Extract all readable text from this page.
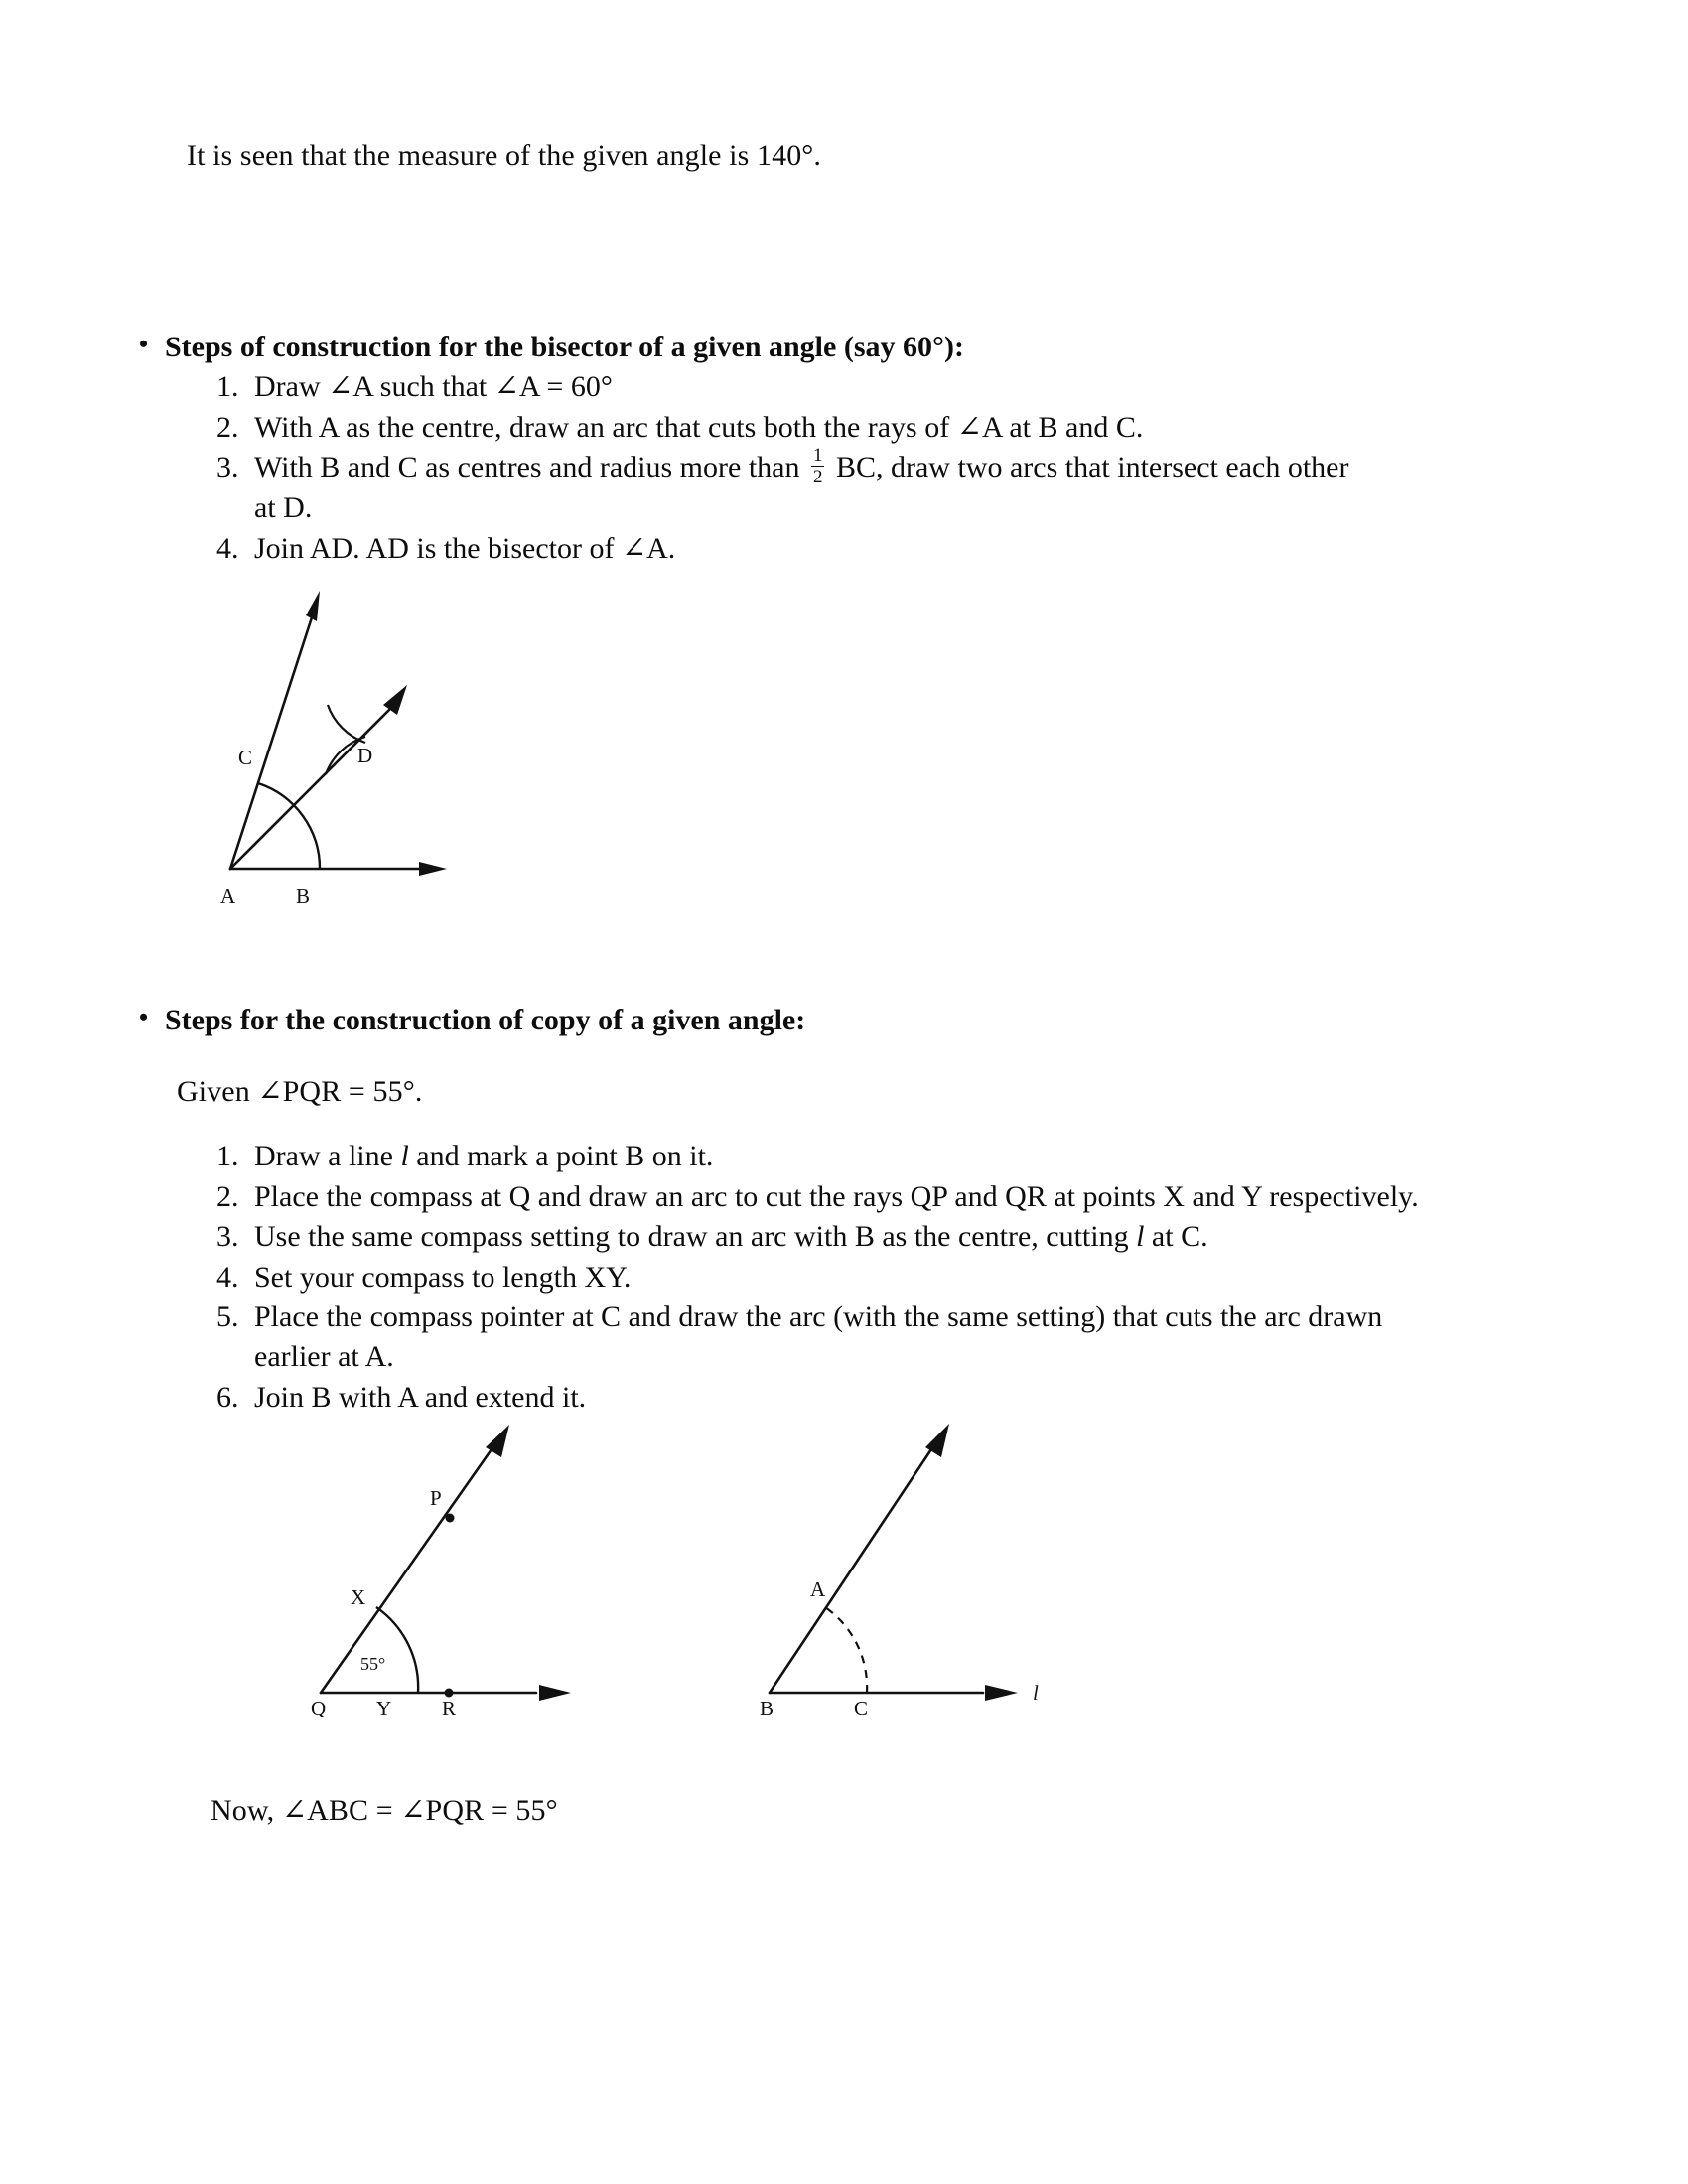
It is seen that the measure of the given angle is 140°.
• Steps of construction for the bisector of a given angle (say 60°):
1. Draw ∠A such that ∠A = 60°
2. With A as the centre, draw an arc that cuts both the rays of ∠A at B and C.
3. With B and C as centres and radius more than $\frac{1}{2}$ BC, draw two arcs that intersect each other
at D.
4. Join AD. AD is the bisector of ∠A.
A	B
C	D
• Steps for the construction of copy of a given angle:
Given ∠PQR = 55°.
1. Draw a line l and mark a point B on it.
2. Place the compass at Q and draw an arc to cut the rays QP and QR at points X and Y respectively.
3. Use the same compass setting to draw an arc with B as the centre, cutting l at C.
4. Set your compass to length XY.
5. Place the compass pointer at C and draw the arc (with the same setting) that cuts the arc drawn
earlier at A.
6. Join B with A and extend it.
Q Y R
P
X
55°
B	C
A
l
Now, ∠ABC = ∠PQR = 55°
